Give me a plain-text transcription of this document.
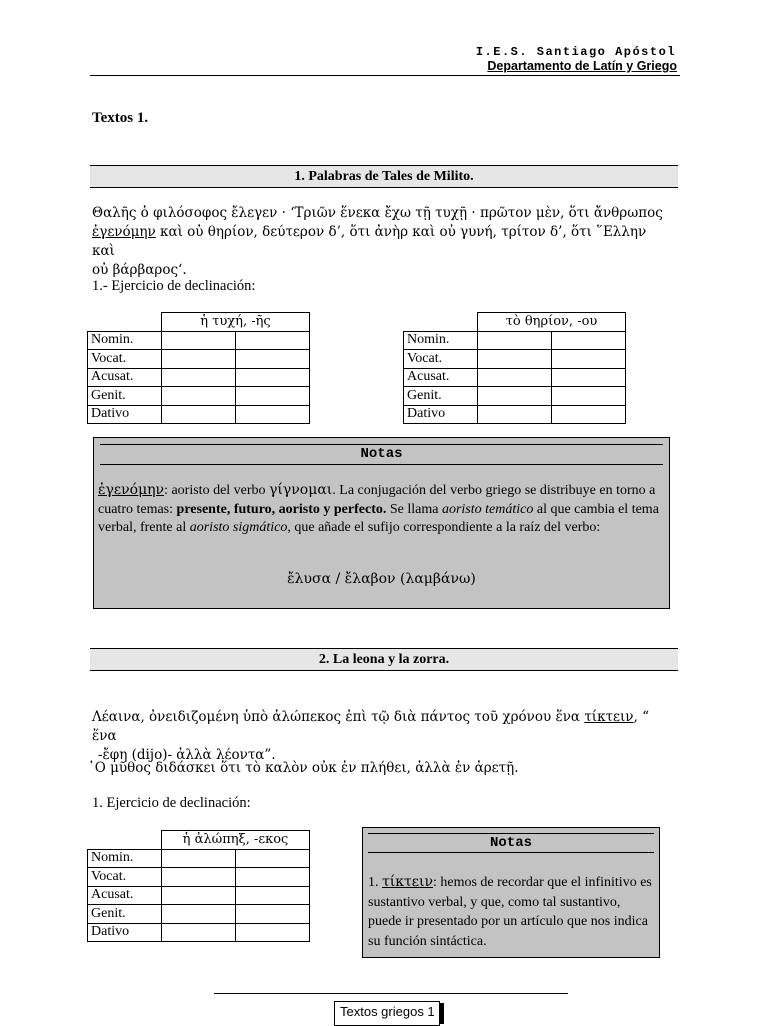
I.E.S. Santiago Apóstol
Departamento de Latín y Griego
Textos 1.
1. Palabras de Tales de Milito.
Θαλῆς ὁ φιλόσοφος ἔλεγεν · ‘Τριῶν ἕνεκα ἔχω τῇ τυχῇ · πρῶτον μὲν, ὅτι ἄνθρωπος
ἐγενόμην καὶ οὐ θηρίον, δεύτερον δ’, ὅτι ἀνὴρ καὶ οὐ γυνή, τρίτον δ’, ὅτι ῞Ελλην καὶ
οὐ βάρβαρος‘.
1.- Ejercicio de declinación:
	ἡ τυχή, -ῆς	
Nomin.		
Vocat.		
Acusat.		
Genit.		
Dativo		
	τὸ θηρίον, -ου	
Nomin.		
Vocat.		
Acusat.		
Genit.		
Dativo		
Notas
ἐγενόμην: aoristo del verbo γίγνομαι. La conjugación del verbo griego se distribuye en torno a cuatro temas: presente, futuro, aoristo y perfecto. Se llama aoristo temático al que cambia el tema verbal, frente al aoristo sigmático, que añade el sufijo correspondiente a la raíz del verbo:
ἔλυσα / ἔλαβον (λαμβάνω)
2. La leona y la zorra.
Λέαινα, ὀνειδιζομένη ὑπὸ ἀλώπεκος ἐπὶ τῷ διὰ πάντος τοῦ χρόνου ἕνα τίκτειν, “ ἕνα
-ἔφη (dijo)- ἀλλὰ λέοντα”.
῾Ο μῦθος διδάσκει ὅτι τὸ καλὸν οὐκ ἐν πλήθει, ἀλλὰ ἐν ἀρετῇ.
1. Ejercicio de declinación:
	ἡ ἀλώπηξ, -εκος	
Nomin.		
Vocat.		
Acusat.		
Genit.		
Dativo		
Notas
1. τίκτειν: hemos de recordar que el infinitivo es sustantivo verbal, y que, como tal sustantivo, puede ir presentado por un artículo que nos indica su función sintáctica.
Textos griegos 1
